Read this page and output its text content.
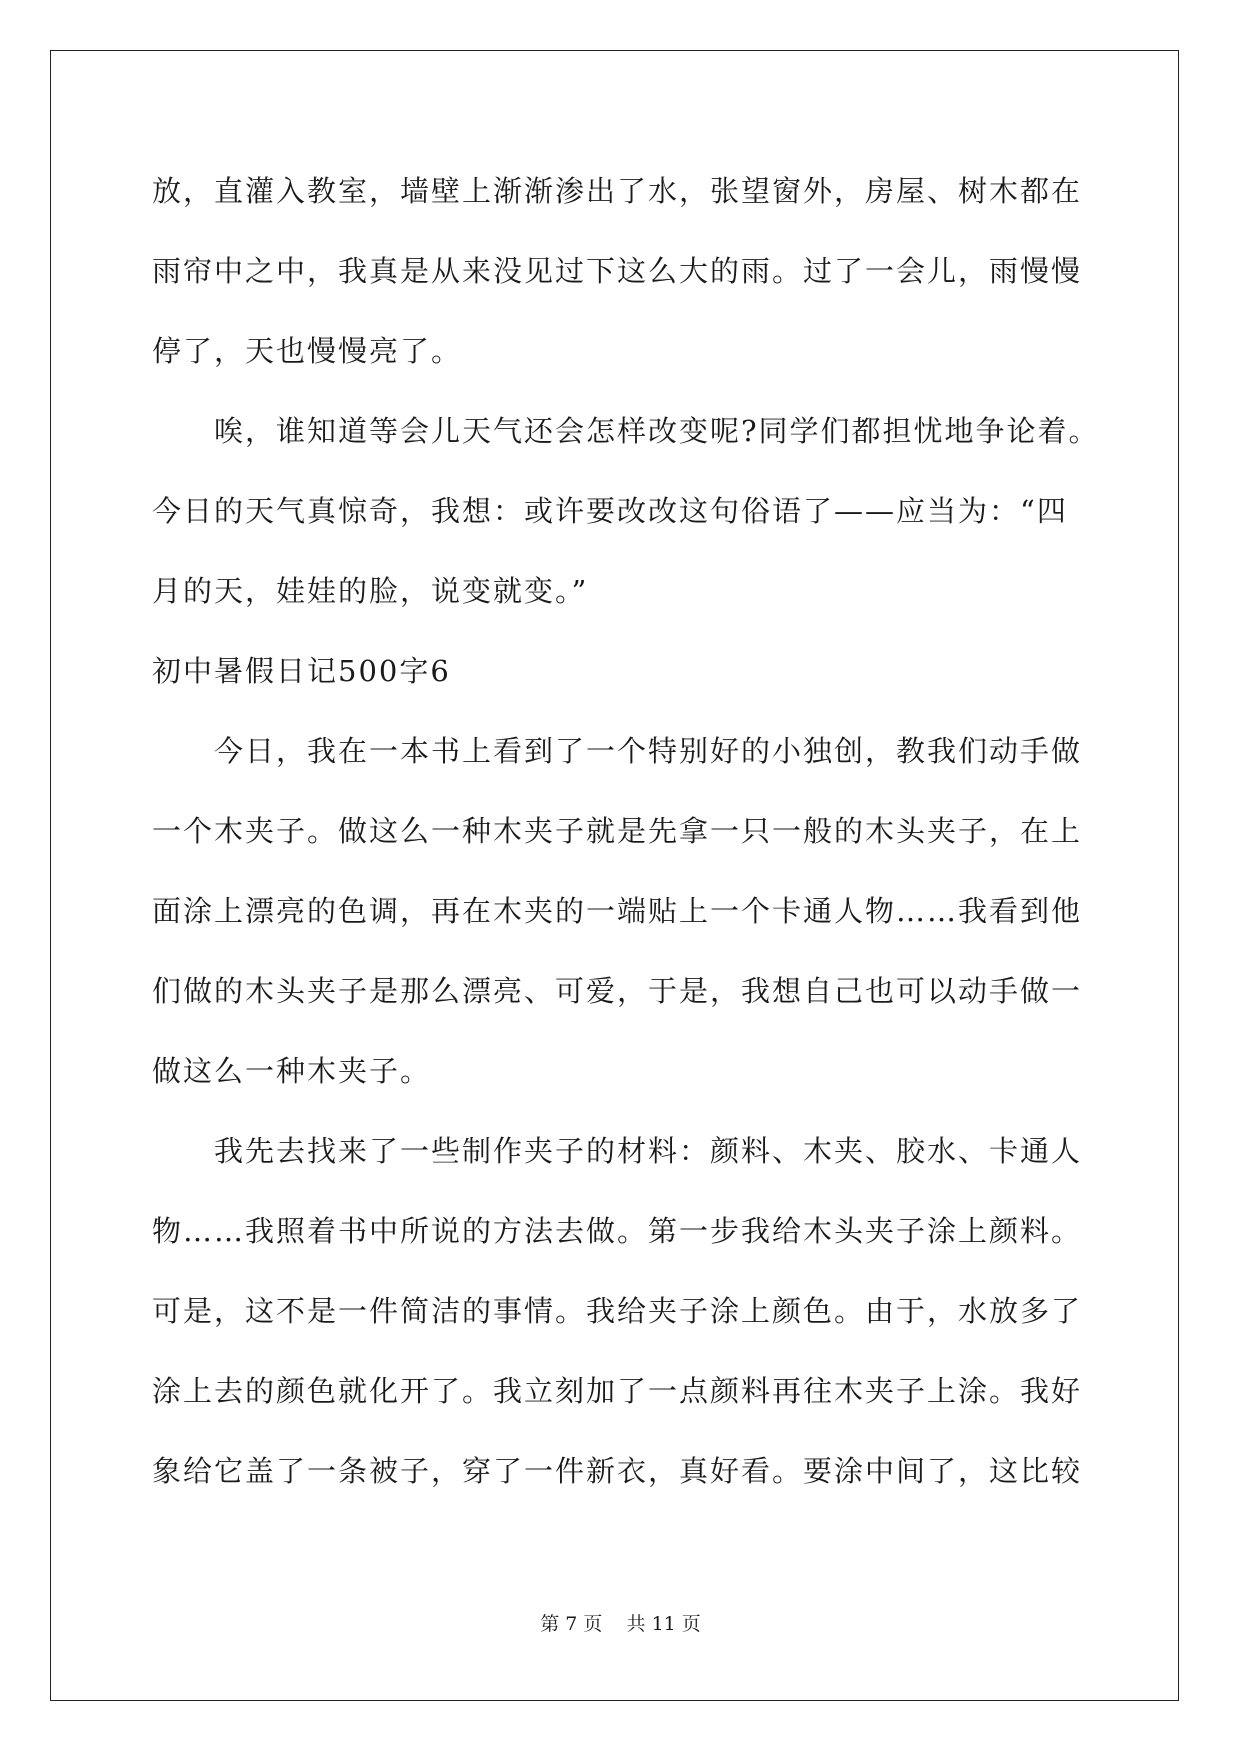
放，直灌入教室，墙壁上渐渐渗出了水，张望窗外，房屋、树木都在
雨帘中之中，我真是从来没见过下这么大的雨。过了一会儿，雨慢慢
停了，天也慢慢亮了。
唉，谁知道等会儿天气还会怎样改变呢?同学们都担忧地争论着。
今日的天气真惊奇，我想：或许要改改这句俗语了——应当为：“四
月的天，娃娃的脸，说变就变。”
初中暑假日记500字6
今日，我在一本书上看到了一个特别好的小独创，教我们动手做
一个木夹子。做这么一种木夹子就是先拿一只一般的木头夹子，在上
面涂上漂亮的色调，再在木夹的一端贴上一个卡通人物……我看到他
们做的木头夹子是那么漂亮、可爱，于是，我想自己也可以动手做一
做这么一种木夹子。
我先去找来了一些制作夹子的材料：颜料、木夹、胶水、卡通人
物……我照着书中所说的方法去做。第一步我给木头夹子涂上颜料。
可是，这不是一件简洁的事情。我给夹子涂上颜色。由于，水放多了
涂上去的颜色就化开了。我立刻加了一点颜料再往木夹子上涂。我好
象给它盖了一条被子，穿了一件新衣，真好看。要涂中间了，这比较
第 7 页    共 11 页
